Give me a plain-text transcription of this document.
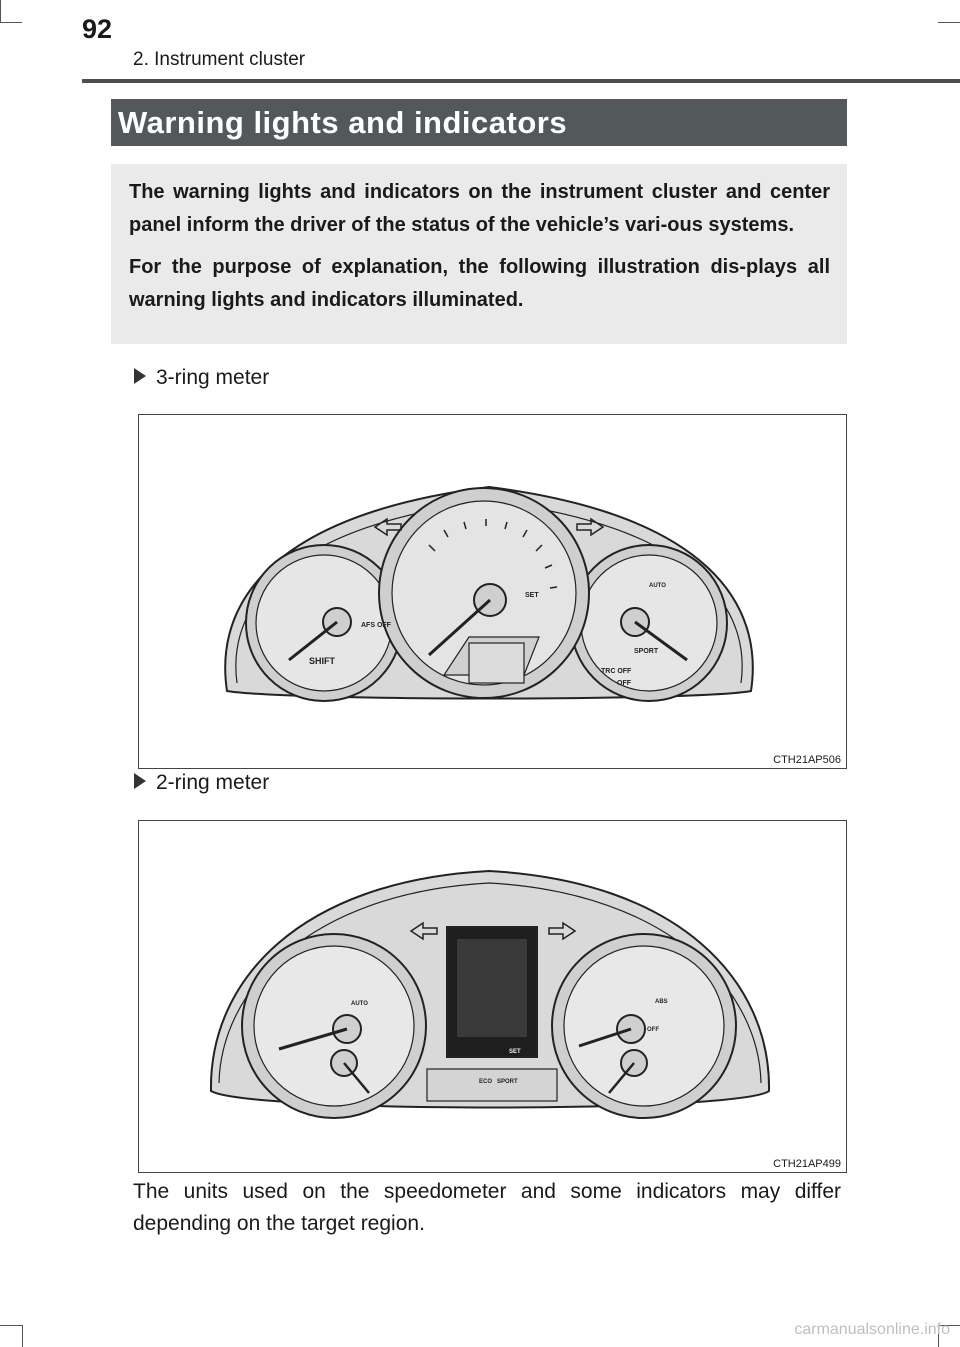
92
2. Instrument cluster
Warning lights and indicators

The warning lights and indicators on the instrument cluster and center panel inform the driver of the status of the vehicle’s vari-ous systems.

For the purpose of explanation, the following illustration dis-plays all warning lights and indicators illuminated.

3-ring meter
SHIFT
AFS OFF
SET
AUTO
SPORT
TRC OFF
OFF
CTH21AP506
2-ring meter
AUTO
SET
ECO SPORT
OFF
ABS
CTH21AP499
The units used on the speedometer and some indicators may differ depending on the target region.
carmanualsonline.info
